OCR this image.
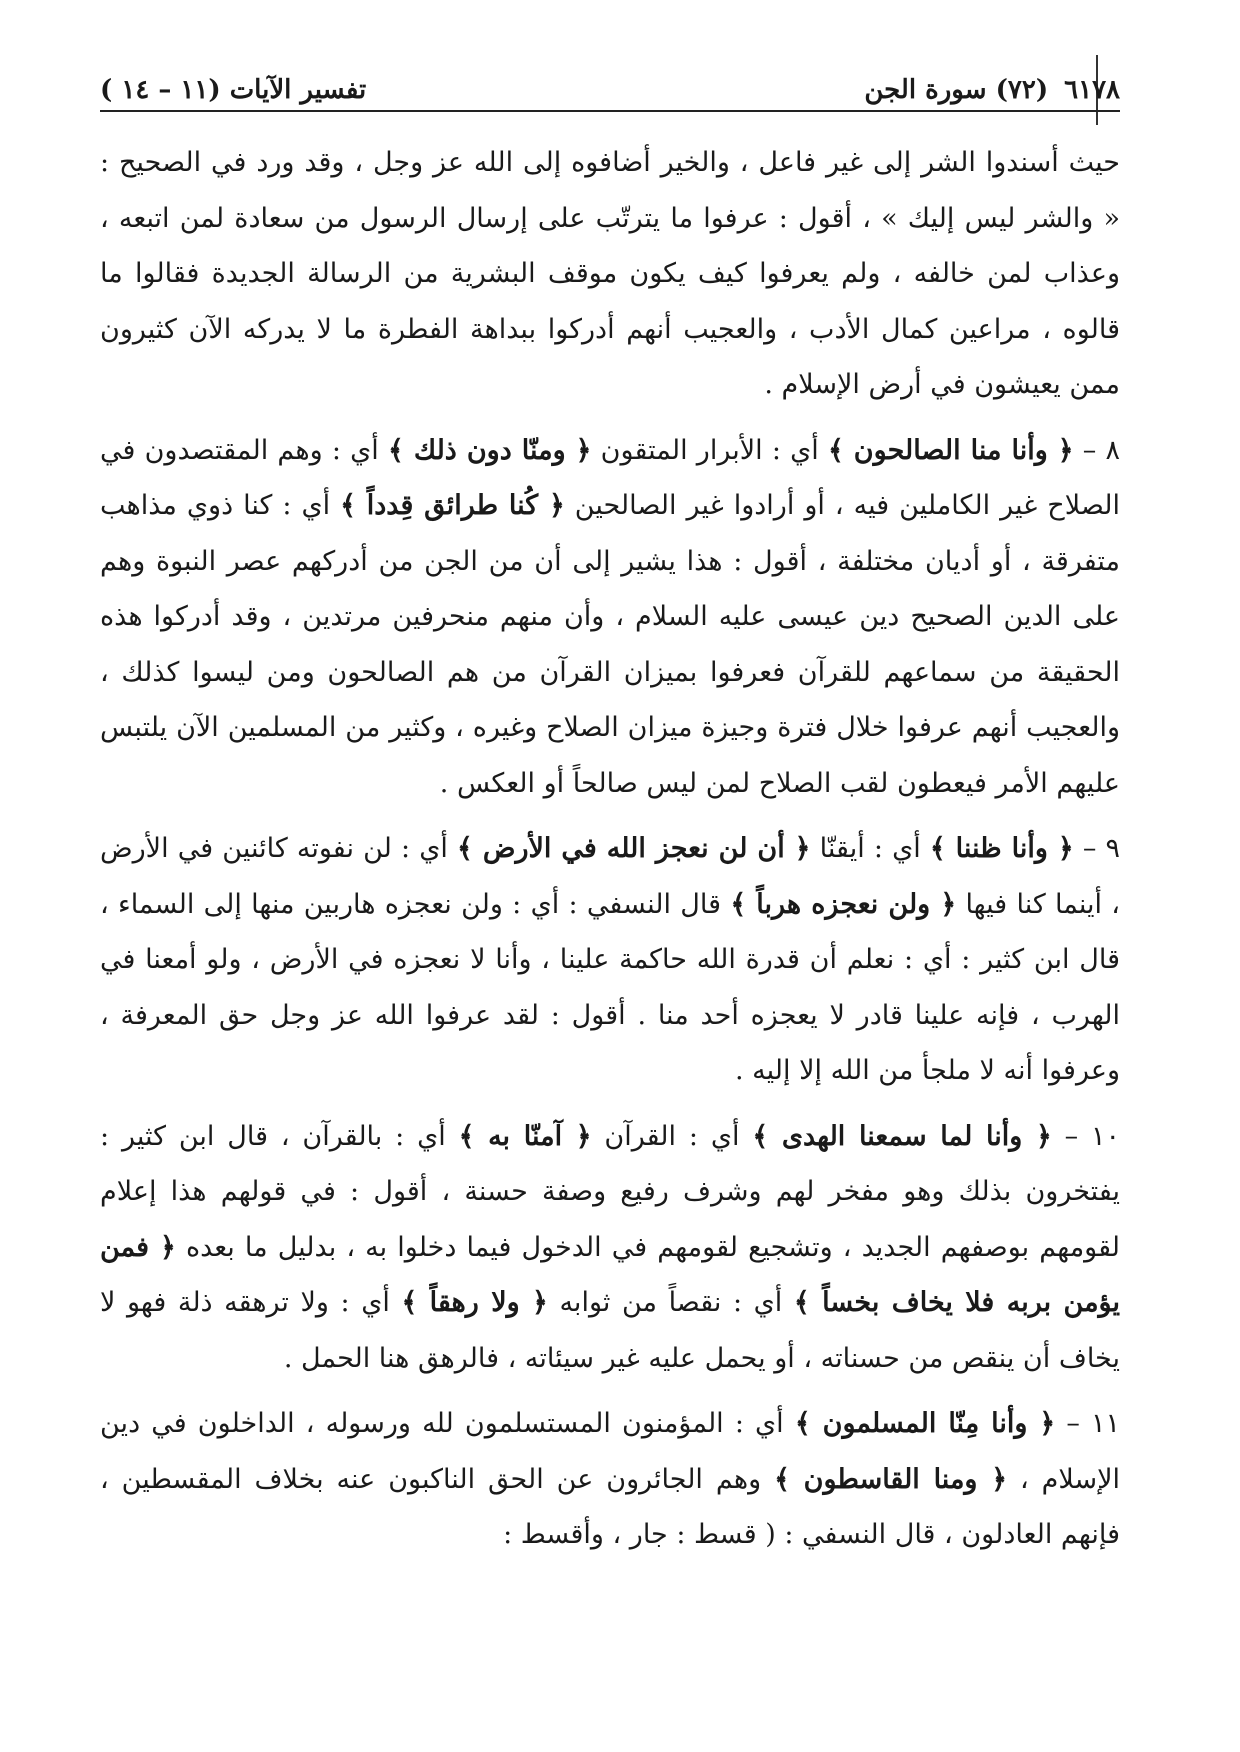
٦١٧٨
(٧٢) سورة الجن
تفسير الآيات (١١ – ١٤ )

حيث أسندوا الشر إلى غير فاعل ، والخير أضافوه إلى الله عز وجل ، وقد ورد في الصحيح : « والشر ليس إليك » ، أقول : عرفوا ما يترتّب على إرسال الرسول من سعادة لمن اتبعه ، وعذاب لمن خالفه ، ولم يعرفوا كيف يكون موقف البشرية من الرسالة الجديدة فقالوا ما قالوه ، مراعين كمال الأدب ، والعجيب أنهم أدركوا ببداهة الفطرة ما لا يدركه الآن كثيرون ممن يعيشون في أرض الإسلام .

٨ – ﴿ وأنا منا الصالحون ﴾ أي : الأبرار المتقون ﴿ ومنّا دون ذلك ﴾ أي : وهم المقتصدون في الصلاح غير الكاملين فيه ، أو أرادوا غير الصالحين ﴿ كُنا طرائق قِدداً ﴾ أي : كنا ذوي مذاهب متفرقة ، أو أديان مختلفة ، أقول : هذا يشير إلى أن من الجن من أدركهم عصر النبوة وهم على الدين الصحيح دين عيسى عليه السلام ، وأن منهم منحرفين مرتدين ، وقد أدركوا هذه الحقيقة من سماعهم للقرآن فعرفوا بميزان القرآن من هم الصالحون ومن ليسوا كذلك ، والعجيب أنهم عرفوا خلال فترة وجيزة ميزان الصلاح وغيره ، وكثير من المسلمين الآن يلتبس عليهم الأمر فيعطون لقب الصلاح لمن ليس صالحاً أو العكس .

٩ – ﴿ وأنا ظننا ﴾ أي : أيقنّا ﴿ أن لن نعجز الله في الأرض ﴾ أي : لن نفوته كائنين في الأرض ، أينما كنا فيها ﴿ ولن نعجزه هرباً ﴾ قال النسفي : أي : ولن نعجزه هاربين منها إلى السماء ، قال ابن كثير : أي : نعلم أن قدرة الله حاكمة علينا ، وأنا لا نعجزه في الأرض ، ولو أمعنا في الهرب ، فإنه علينا قادر لا يعجزه أحد منا . أقول : لقد عرفوا الله عز وجل حق المعرفة ، وعرفوا أنه لا ملجأ من الله إلا إليه .

١٠ – ﴿ وأنا لما سمعنا الهدى ﴾ أي : القرآن ﴿ آمنّا به ﴾ أي : بالقرآن ، قال ابن كثير : يفتخرون بذلك وهو مفخر لهم وشرف رفيع وصفة حسنة ، أقول : في قولهم هذا إعلام لقومهم بوصفهم الجديد ، وتشجيع لقومهم في الدخول فيما دخلوا به ، بدليل ما بعده ﴿ فمن يؤمن بربه فلا يخاف بخساً ﴾ أي : نقصاً من ثوابه ﴿ ولا رهقاً ﴾ أي : ولا ترهقه ذلة فهو لا يخاف أن ينقص من حسناته ، أو يحمل عليه غير سيئاته ، فالرهق هنا الحمل .

١١ – ﴿ وأنا مِنّا المسلمون ﴾ أي : المؤمنون المستسلمون لله ورسوله ، الداخلون في دين الإسلام ، ﴿ ومنا القاسطون ﴾ وهم الجائرون عن الحق الناكبون عنه بخلاف المقسطين ، فإنهم العادلون ، قال النسفي : ( قسط : جار ، وأقسط :
